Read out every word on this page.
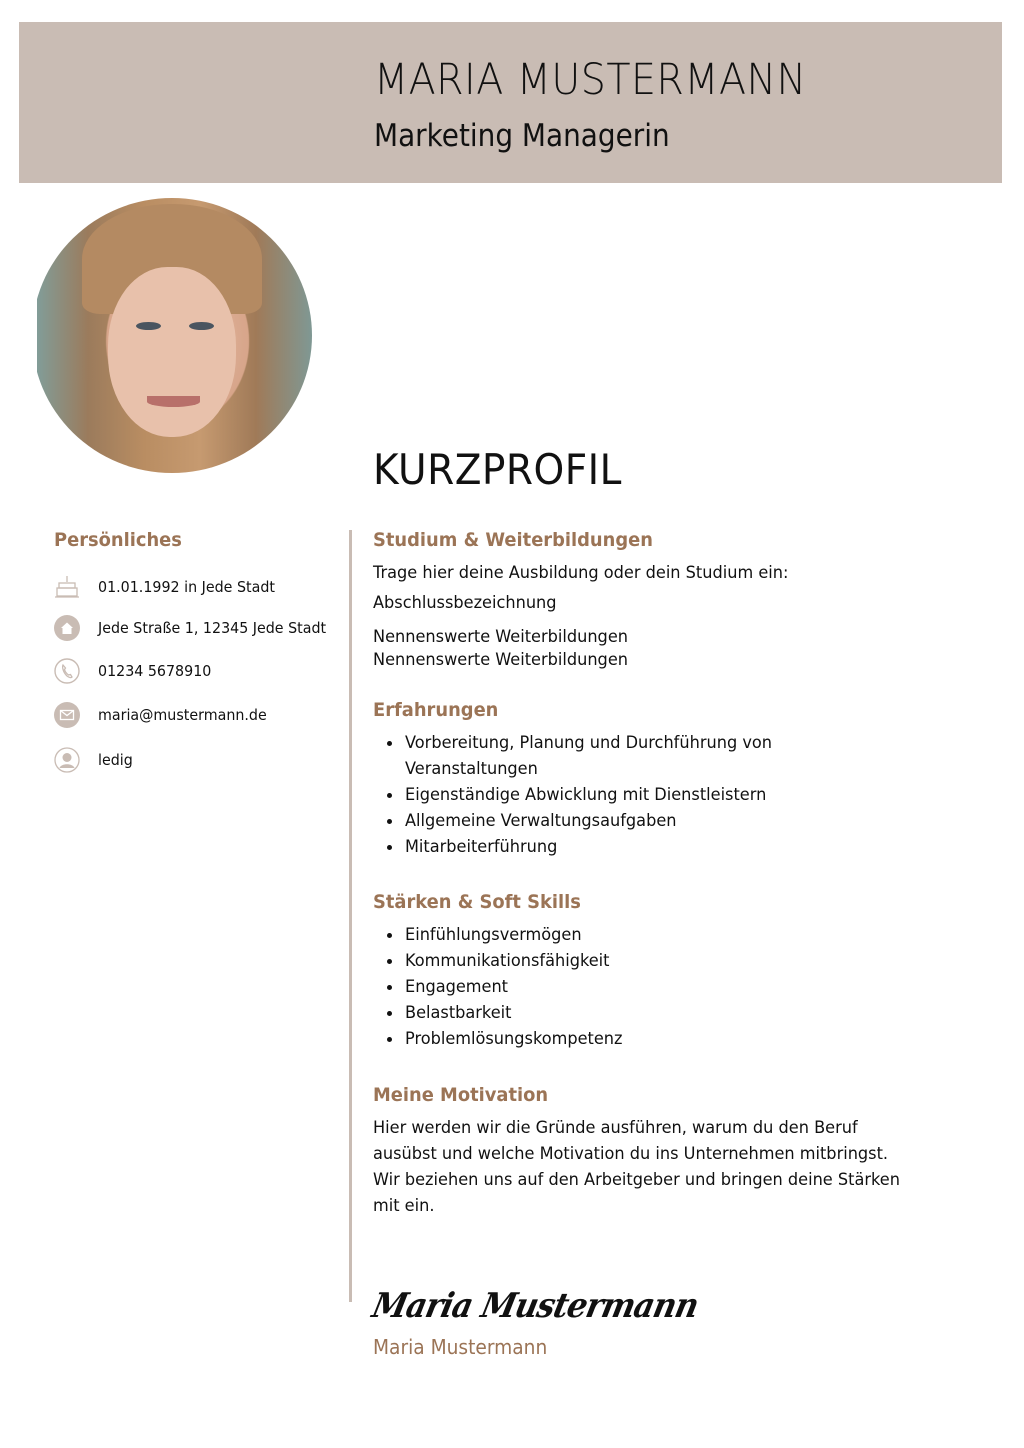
MARIA MUSTERMANN
Marketing Managerin
KURZPROFIL
Persönliches
01.01.1992 in Jede Stadt
Jede Straße 1, 12345 Jede Stadt
01234 5678910
maria@mustermann.de
ledig
Studium & Weiterbildungen
Trage hier deine Ausbildung oder dein Studium ein:
Abschlussbezeichnung
Nennenswerte Weiterbildungen
Nennenswerte Weiterbildungen
Erfahrungen
Vorbereitung, Planung und Durchführung von
Veranstaltungen
Eigenständige Abwicklung mit Dienstleistern
Allgemeine Verwaltungsaufgaben
Mitarbeiterführung
Stärken & Soft Skills
Einfühlungsvermögen
Kommunikationsfähigkeit
Engagement
Belastbarkeit
Problemlösungskompetenz
Meine Motivation
Hier werden wir die Gründe ausführen, warum du den Beruf ausübst und welche Motivation du ins Unternehmen mitbringst. Wir beziehen uns auf den Arbeitgeber und bringen deine Stärken mit ein.
Maria Mustermann
Maria Mustermann
